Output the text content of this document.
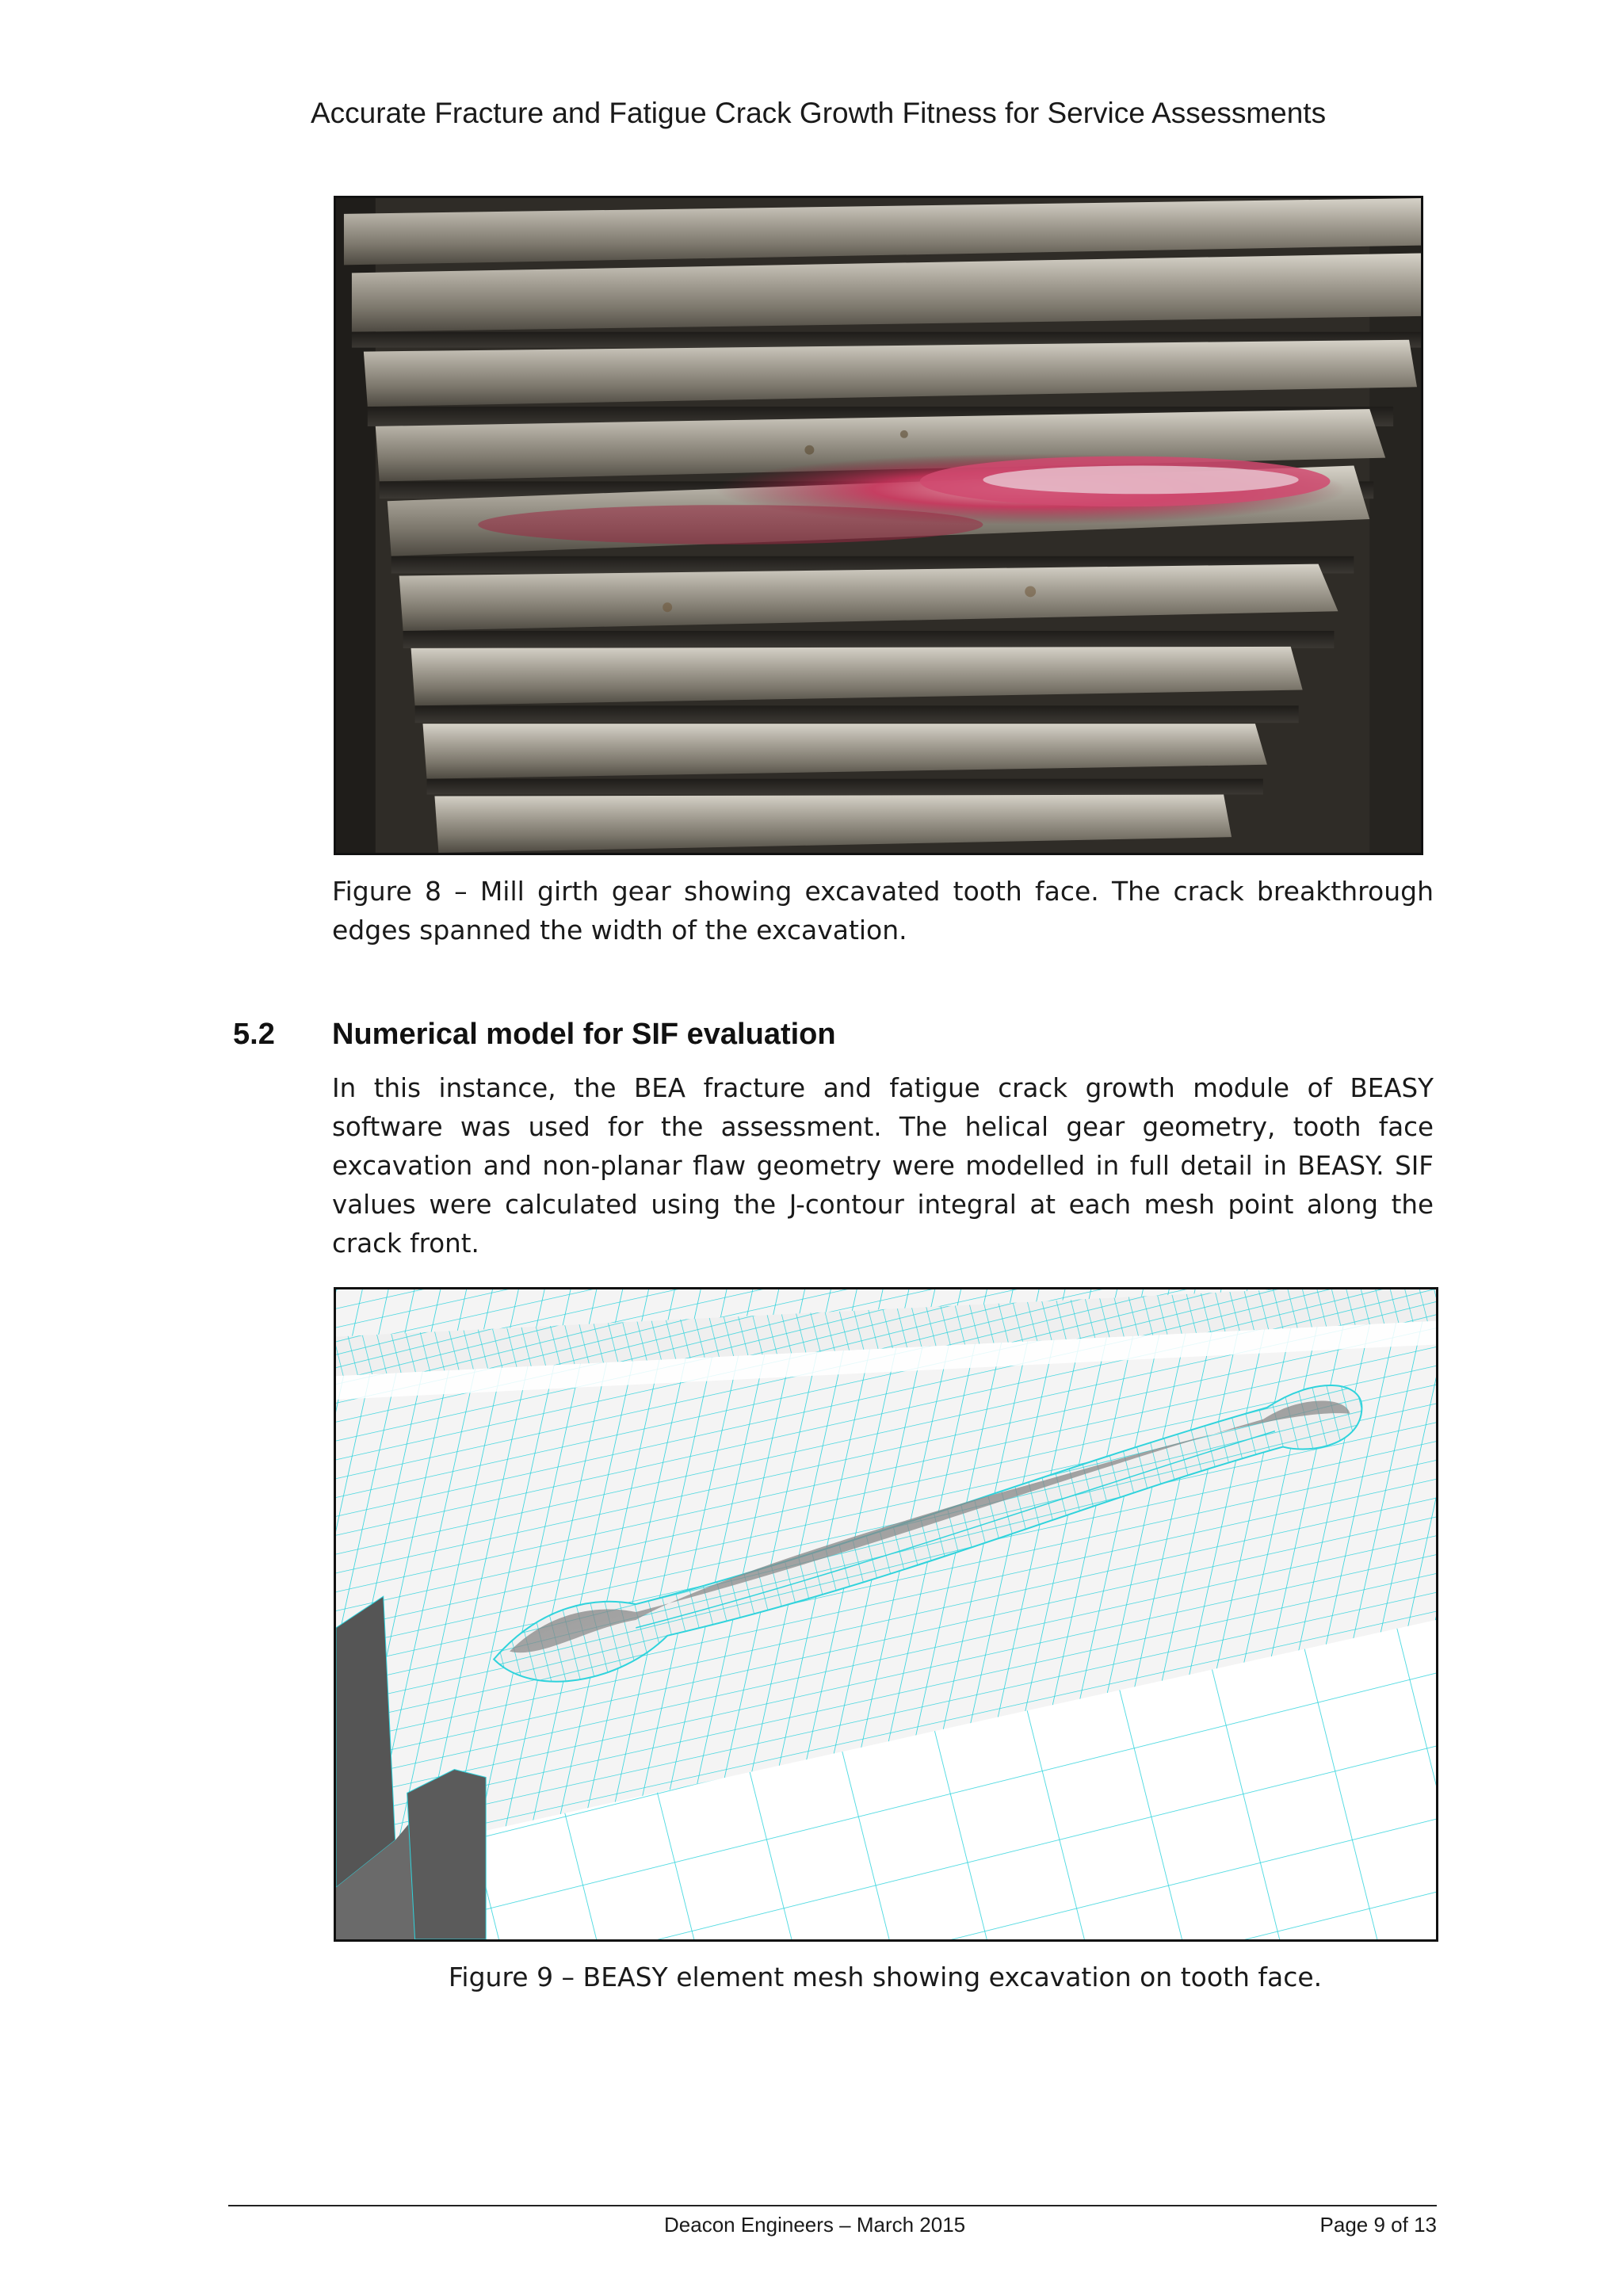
Accurate Fracture and Fatigue Crack Growth Fitness for Service Assessments
Figure 8 – Mill girth gear showing excavated tooth face. The crack breakthrough edges spanned the width of the excavation.
5.2 Numerical model for SIF evaluation
In this instance, the BEA fracture and fatigue crack growth module of BEASY software was used for the assessment. The helical gear geometry, tooth face excavation and non-planar flaw geometry were modelled in full detail in BEASY. SIF values were calculated using the J-contour integral at each mesh point along the crack front.
Figure 9 – BEASY element mesh showing excavation on tooth face.
Deacon Engineers – March 2015	Page 9 of 13
